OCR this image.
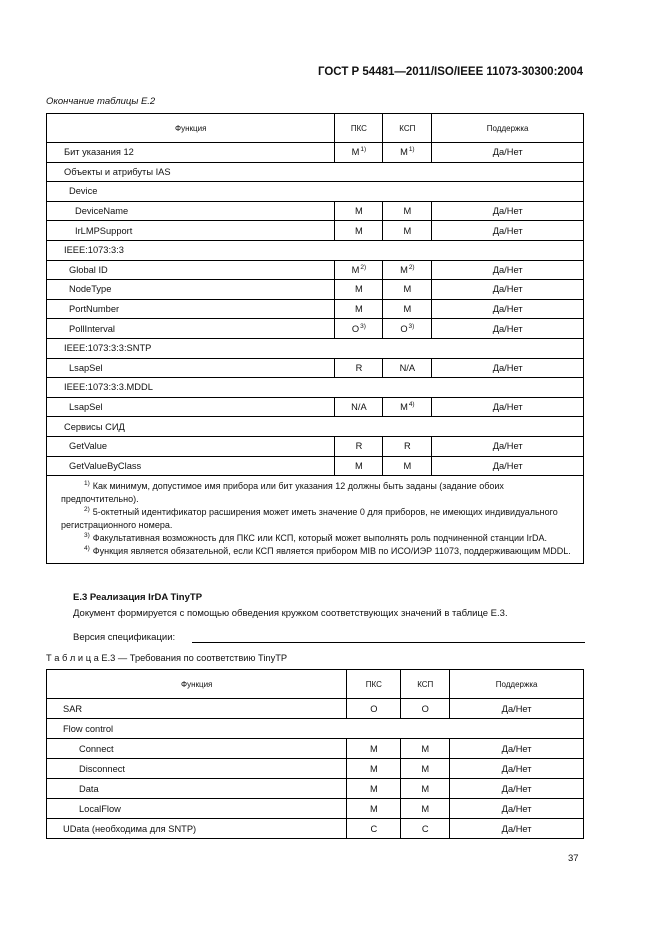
ГОСТ Р 54481—2011/ISO/IEEE 11073-30300:2004
Окончание таблицы Е.2
Функция	ПКС	КСП	Поддержка
Бит указания 12	$М^{1)}$	$М^{1)}$	Да/Нет
Объекты и атрибуты IAS			
Device			
DeviceName	М	М	Да/Нет
IrLMPSupport	М	М	Да/Нет
IEEE:1073:3:3			
Global ID	$М^{2)}$	$М^{2)}$	Да/Нет
NodeType	М	М	Да/Нет
PortNumber	М	М	Да/Нет
PollInterval	$О^{3)}$	$О^{3)}$	Да/Нет
IEEE:1073:3:3:SNTP			
LsapSel	R	N/A	Да/Нет
IEEE:1073:3:3.MDDL			
LsapSel	N/A	$М^{4)}$	Да/Нет
Сервисы СИД			
GetValue	R	R	Да/Нет
GetValueByClass	М	М	Да/Нет

$^{1)}$ Как минимум, допустимое имя прибора или бит указания 12 должны быть заданы (задание обоих предпочтительно).
$^{2)}$ 5-октетный идентификатор расширения может иметь значение 0 для приборов, не имеющих индивидуального регистрационного номера.
$^{3)}$ Факультативная возможность для ПКС или КСП, который может выполнять роль подчиненной станции IrDA.
$^{4)}$ Функция является обязательной, если КСП является прибором MIB по ИСО/ИЭР 11073, поддерживающим MDDL.			
Е.3 Реализация IrDA TinyTP
Документ формируется с помощью обведения кружком соответствующих значений в таблице Е.3.
Версия спецификации:
Т а б л и ц а Е.3 — Требования по соответствию TinyTP
Функция	ПКС	КСП	Поддержка
SAR	О	О	Да/Нет
Flow control			
Connect	М	М	Да/Нет
Disconnect	М	М	Да/Нет
Data	М	М	Да/Нет
LocalFlow	М	М	Да/Нет
UData (необходима для SNTP)	С	С	Да/Нет
37
